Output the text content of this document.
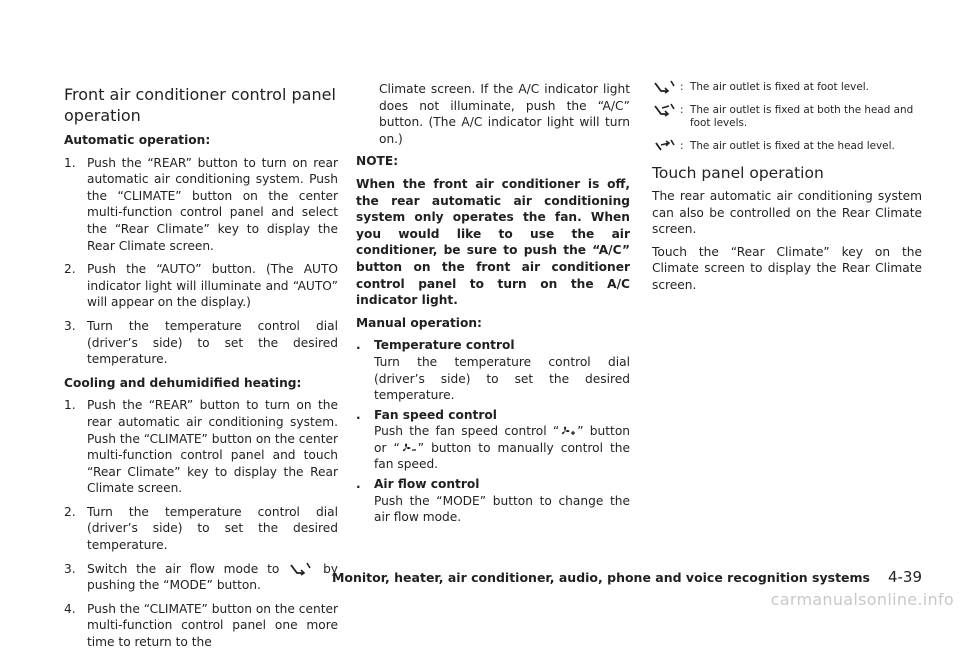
Front air conditioner control panel operation

Automatic operation:

1. Push the “REAR” button to turn on rear automatic air conditioning system. Push the “CLIMATE” button on the center multi-function control panel and select the “Rear Climate” key to display the Rear Climate screen.
2. Push the “AUTO” button. (The AUTO indicator light will illuminate and “AUTO” will appear on the display.)
3. Turn the temperature control dial (driver’s side) to set the desired temperature.

Cooling and dehumidified heating:

1. Push the “REAR” button to turn on the rear automatic air conditioning system. Push the “CLIMATE” button on the center multi-function control panel and touch “Rear Climate” key to display the Rear Climate screen.
2. Turn the temperature control dial (driver’s side) to set the desired temperature.
3. Switch the air flow mode to	by pushing the “MODE” button.
4. Push the “CLIMATE” button on the center multi-function control panel one more time to return to the

Climate screen. If the A/C indicator light does not illuminate, push the “A/C” button. (The A/C indicator light will turn on.)

NOTE:

When the front air conditioner is off, the rear automatic air conditioning system only operates the fan. When you would like to use the air conditioner, be sure to push the “A/C” button on the front air conditioner control panel to turn on the A/C indicator light.

Manual operation:

. Temperature control
Turn the temperature control dial (driver’s side) to set the desired temperature.
. Fan speed control
Push the fan speed control “ ” button or “ ” button to manually control the fan speed.
. Air flow control
Push the “MODE” button to change the air flow mode.
: The air outlet is fixed at foot level.
: The air outlet is fixed at both the head and foot levels.
: The air outlet is fixed at the head level.
Touch panel operation

The rear automatic air conditioning system can also be controlled on the Rear Climate screen.

Touch the “Rear Climate” key on the Climate screen to display the Rear Climate screen.

Monitor, heater, air conditioner, audio, phone and voice recognition systems 4-39
carmanualsonline.info
